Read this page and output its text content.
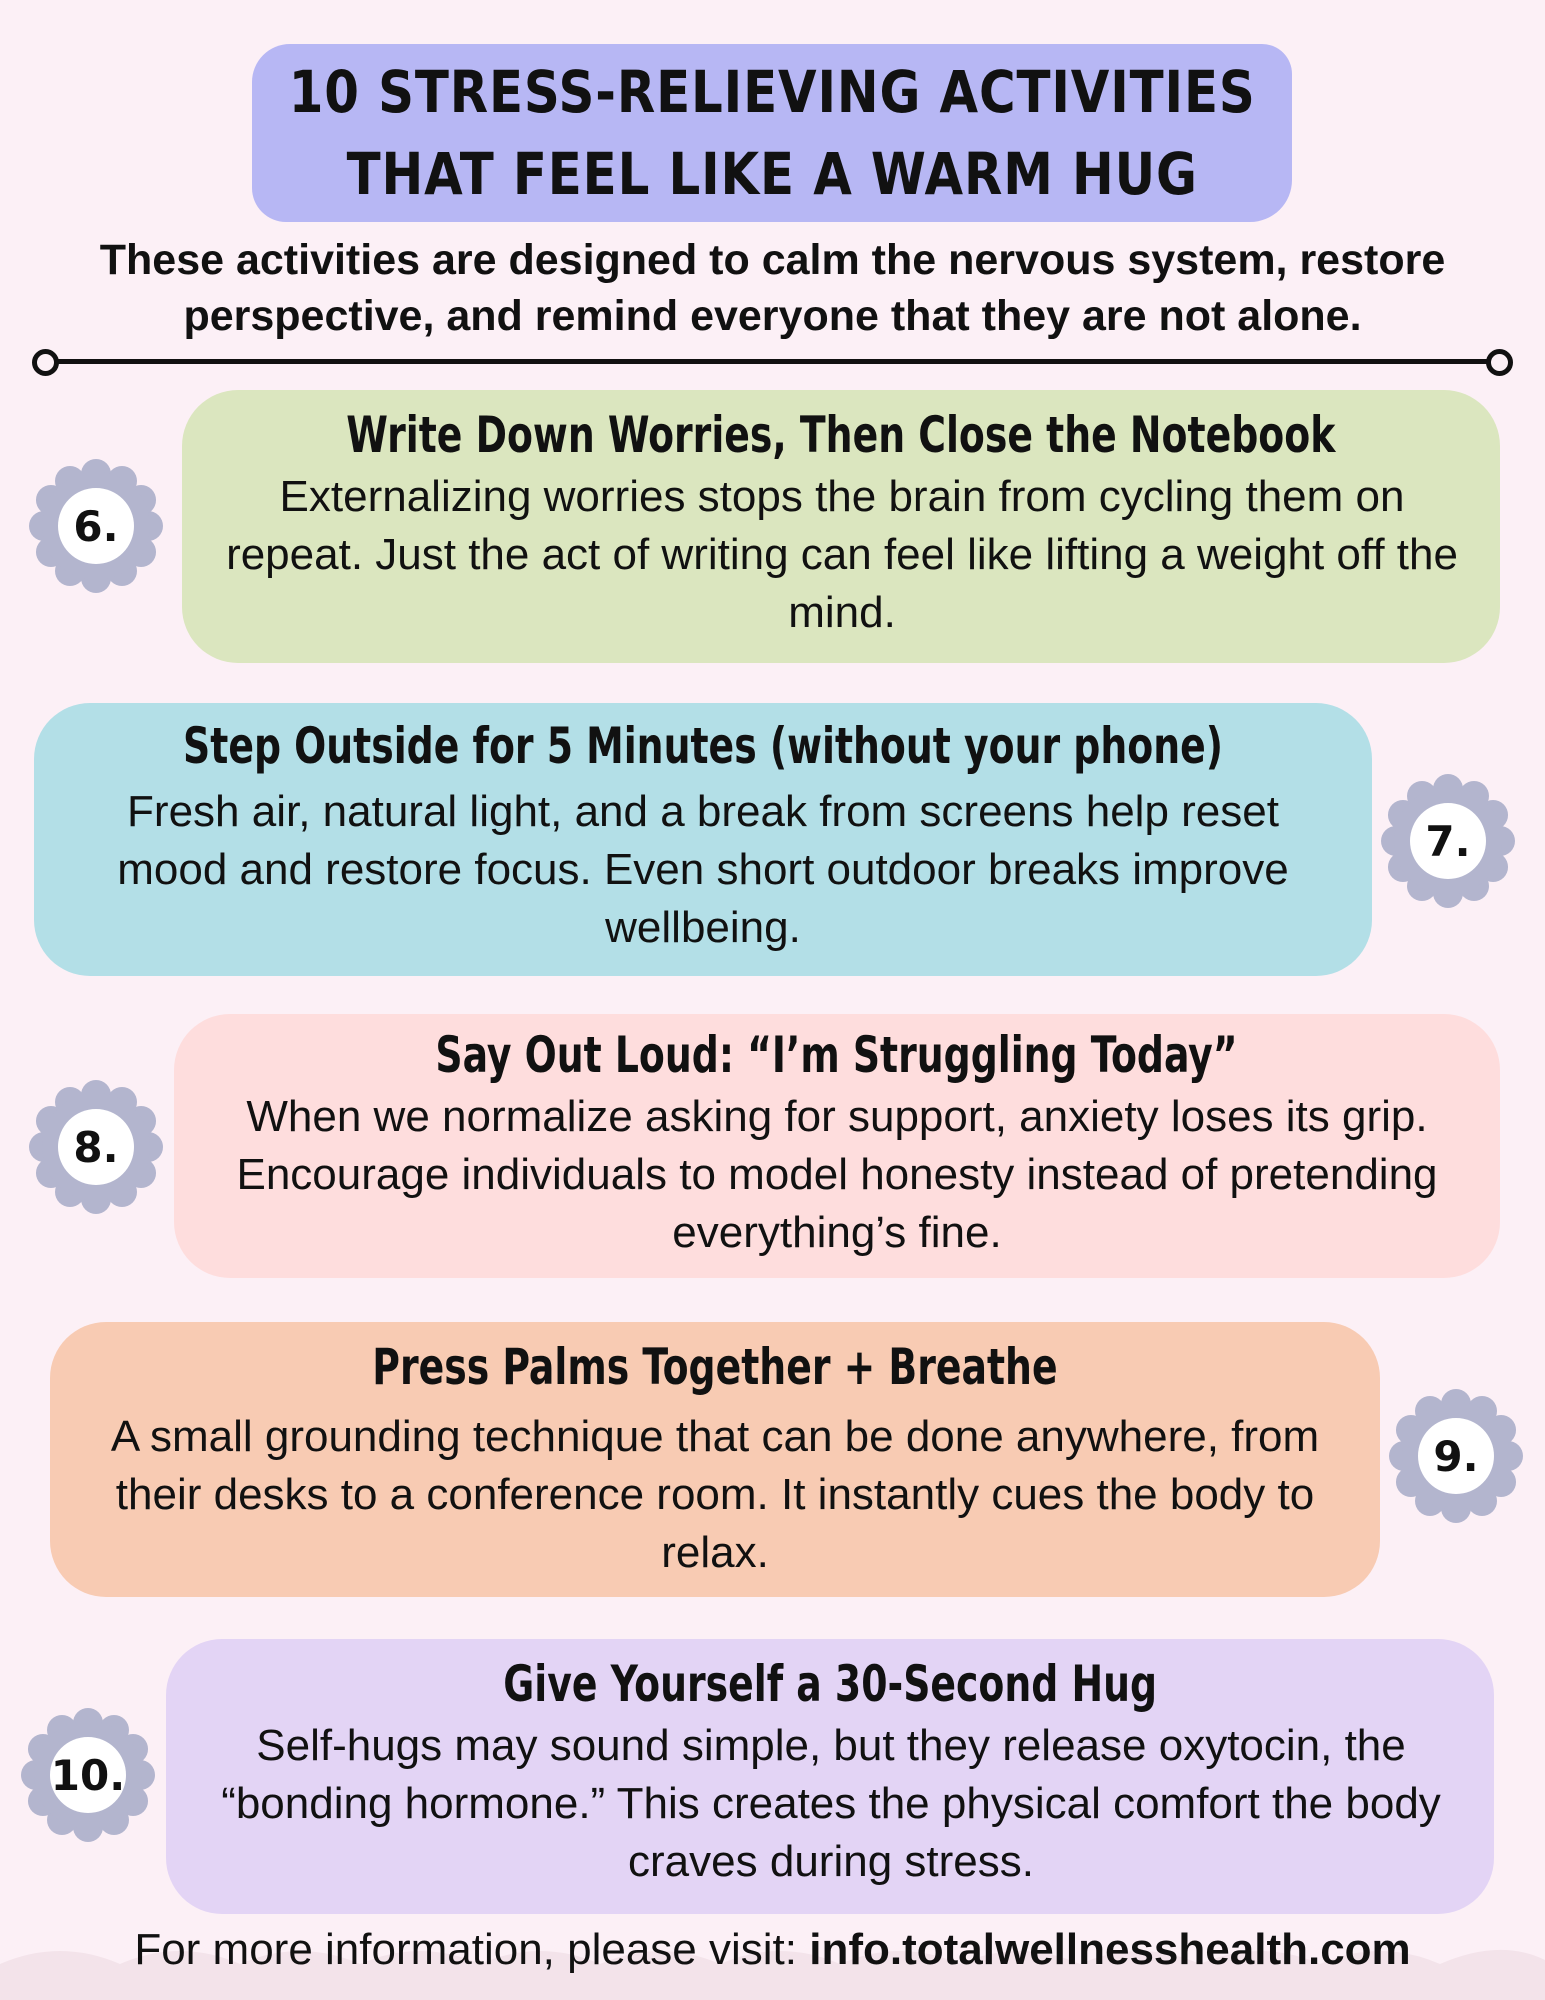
10 STRESS-RELIEVING ACTIVITIES
THAT FEEL LIKE A WARM HUG
These activities are designed to calm the nervous system, restore
perspective, and remind everyone that they are not alone.
Write Down Worries, Then Close the Notebook
Externalizing worries stops the brain from cycling them on repeat. Just the act of writing can feel like lifting a weight off the mind.
6.
Step Outside for 5 Minutes (without your phone)
Fresh air, natural light, and a break from screens help reset mood and restore focus. Even short outdoor breaks improve wellbeing.
7.
Say Out Loud: “I’m Struggling Today”
When we normalize asking for support, anxiety loses its grip. Encourage individuals to model honesty instead of pretending everything’s fine.
8.
Press Palms Together + Breathe
A small grounding technique that can be done anywhere, from their desks to a conference room. It instantly cues the body to relax.
9.
Give Yourself a 30-Second Hug
Self-hugs may sound simple, but they release oxytocin, the “bonding hormone.” This creates the physical comfort the body craves during stress.
10.
For more information, please visit: info.totalwellnesshealth.com
